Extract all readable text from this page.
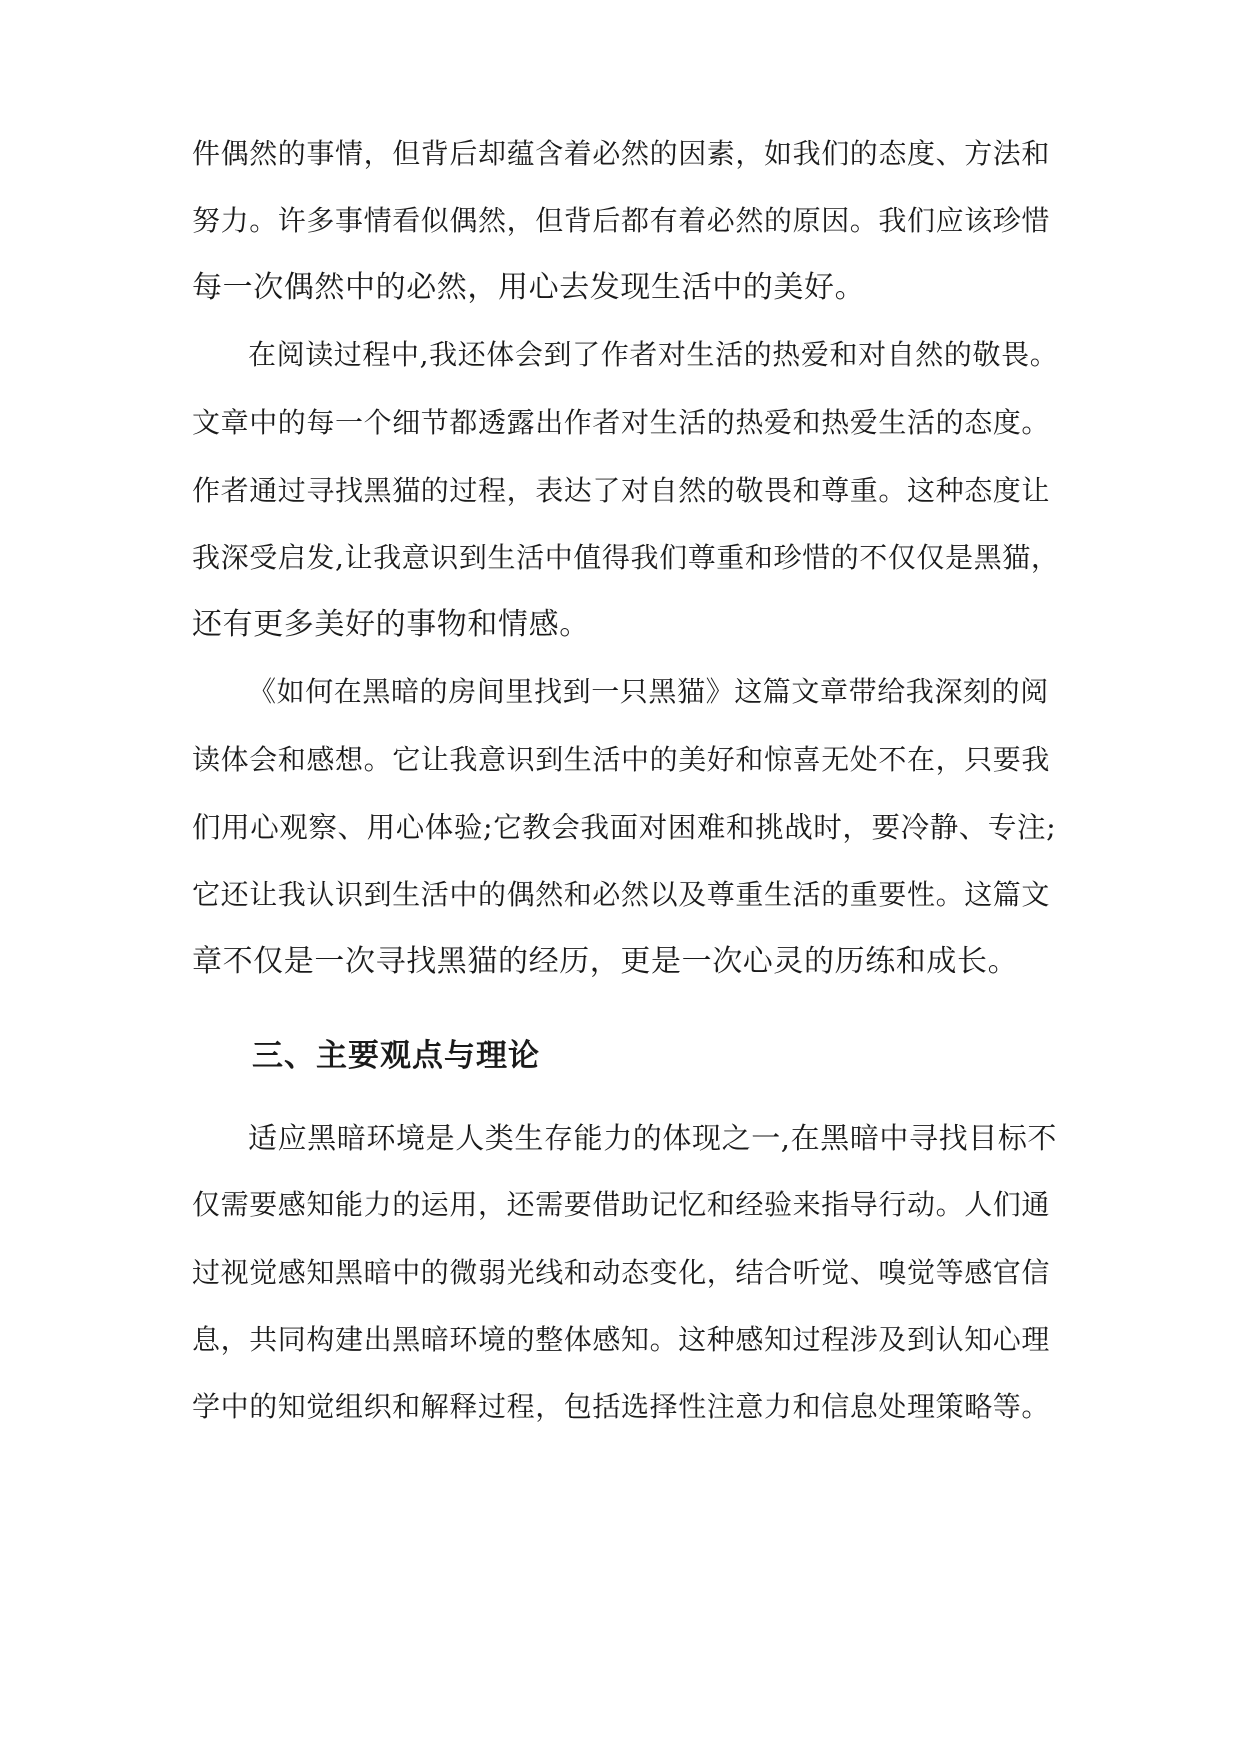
件偶然的事情，但背后却蕴含着必然的因素，如我们的态度、方法和
努力。许多事情看似偶然，但背后都有着必然的原因。我们应该珍惜
每一次偶然中的必然，用心去发现生活中的美好。
在阅读过程中,我还体会到了作者对生活的热爱和对自然的敬畏。
文章中的每一个细节都透露出作者对生活的热爱和热爱生活的态度。
作者通过寻找黑猫的过程，表达了对自然的敬畏和尊重。这种态度让
我深受启发,让我意识到生活中值得我们尊重和珍惜的不仅仅是黑猫，
还有更多美好的事物和情感。
《如何在黑暗的房间里找到一只黑猫》这篇文章带给我深刻的阅
读体会和感想。它让我意识到生活中的美好和惊喜无处不在，只要我
们用心观察、用心体验;它教会我面对困难和挑战时，要冷静、专注;
它还让我认识到生活中的偶然和必然以及尊重生活的重要性。这篇文
章不仅是一次寻找黑猫的经历，更是一次心灵的历练和成长。
三、主要观点与理论
适应黑暗环境是人类生存能力的体现之一,在黑暗中寻找目标不
仅需要感知能力的运用，还需要借助记忆和经验来指导行动。人们通
过视觉感知黑暗中的微弱光线和动态变化，结合听觉、嗅觉等感官信
息，共同构建出黑暗环境的整体感知。这种感知过程涉及到认知心理
学中的知觉组织和解释过程，包括选择性注意力和信息处理策略等。
